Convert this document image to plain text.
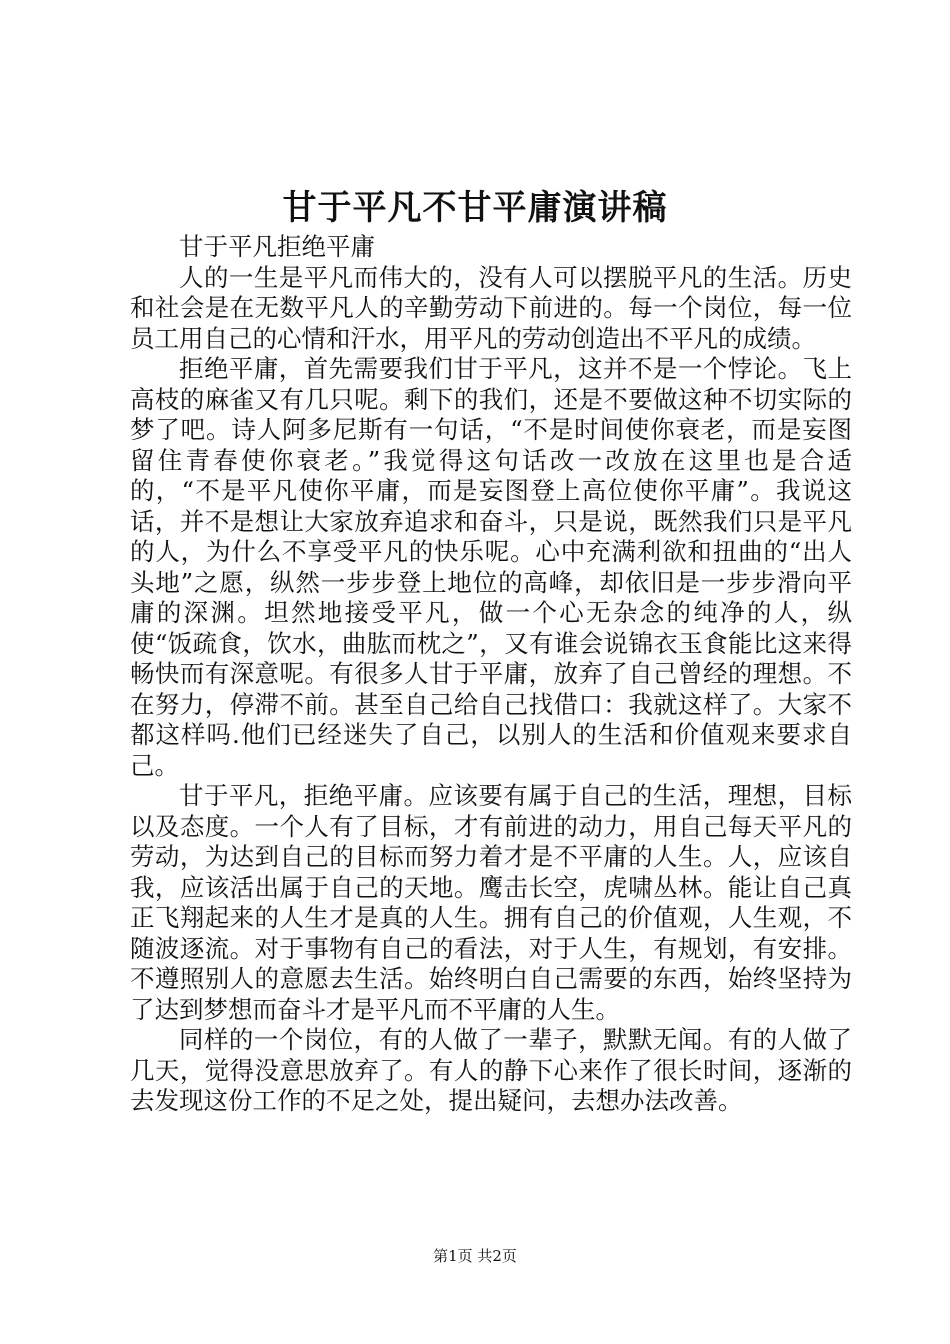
甘于平凡不甘平庸演讲稿

甘于平凡拒绝平庸

人的一生是平凡而伟大的，没有人可以摆脱平凡的生活。历史和社会是在无数平凡人的辛勤劳动下前进的。每一个岗位，每一位员工用自己的心情和汗水，用平凡的劳动创造出不平凡的成绩。

拒绝平庸，首先需要我们甘于平凡，这并不是一个悖论。飞上高枝的麻雀又有几只呢。剩下的我们，还是不要做这种不切实际的梦了吧。诗人阿多尼斯有一句话，“不是时间使你衰老，而是妄图留住青春使你衰老。”我觉得这句话改一改放在这里也是合适的，“不是平凡使你平庸，而是妄图登上高位使你平庸”。我说这话，并不是想让大家放弃追求和奋斗，只是说，既然我们只是平凡的人，为什么不享受平凡的快乐呢。心中充满利欲和扭曲的“出人头地”之愿，纵然一步步登上地位的高峰，却依旧是一步步滑向平庸的深渊。坦然地接受平凡，做一个心无杂念的纯净的人，纵使“饭疏食，饮水，曲肱而枕之”，又有谁会说锦衣玉食能比这来得畅快而有深意呢。有很多人甘于平庸，放弃了自己曾经的理想。不在努力，停滞不前。甚至自己给自己找借口：我就这样了。大家不都这样吗.他们已经迷失了自己，以别人的生活和价值观来要求自己。

甘于平凡，拒绝平庸。应该要有属于自己的生活，理想，目标以及态度。一个人有了目标，才有前进的动力，用自己每天平凡的劳动，为达到自己的目标而努力着才是不平庸的人生。人，应该自我，应该活出属于自己的天地。鹰击长空，虎啸丛林。能让自己真正飞翔起来的人生才是真的人生。拥有自己的价值观，人生观，不随波逐流。对于事物有自己的看法，对于人生，有规划，有安排。不遵照别人的意愿去生活。始终明白自己需要的东西，始终坚持为了达到梦想而奋斗才是平凡而不平庸的人生。

同样的一个岗位，有的人做了一辈子，默默无闻。有的人做了几天，觉得没意思放弃了。有人的静下心来作了很长时间，逐渐的去发现这份工作的不足之处，提出疑问，去想办法改善。

第1页 共2页
